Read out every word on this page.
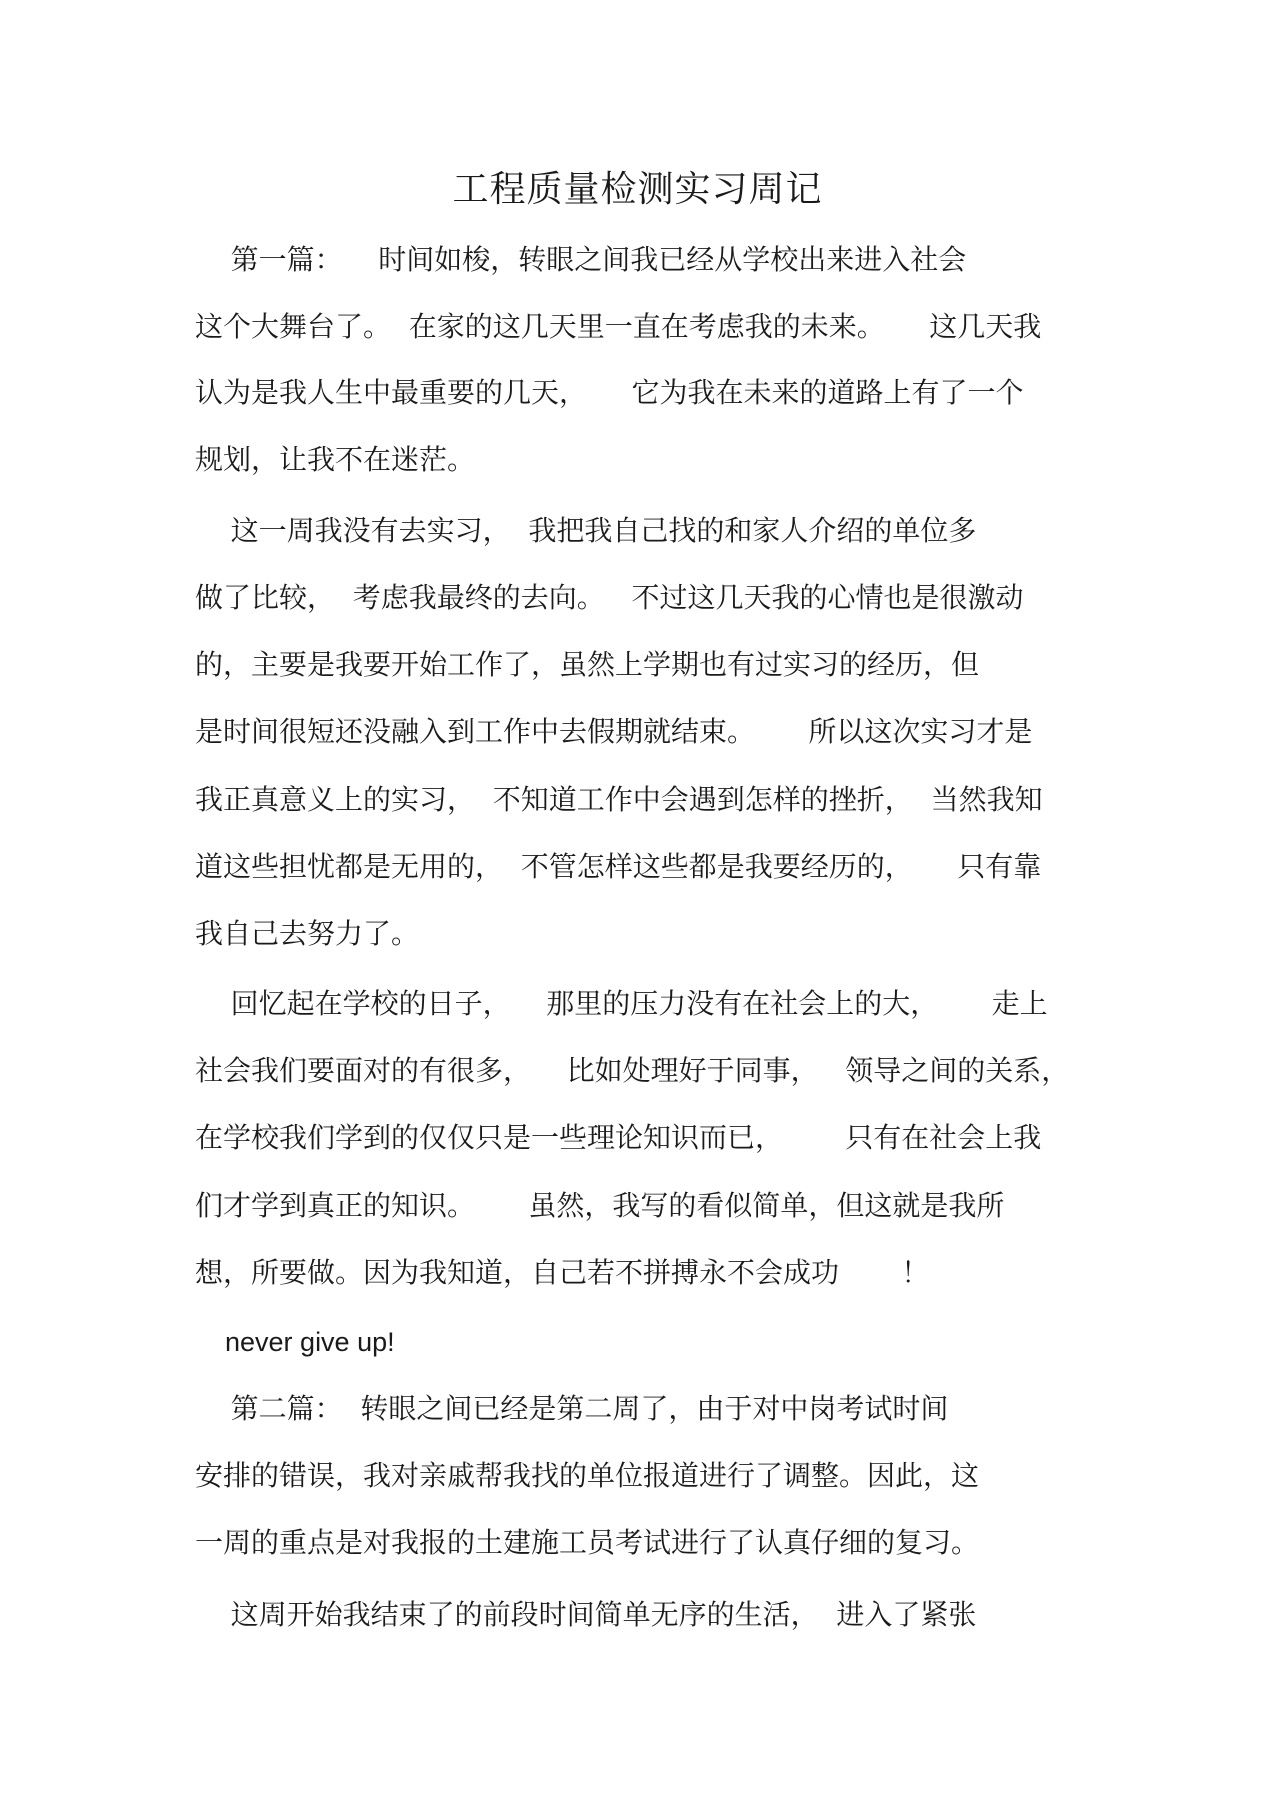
工程质量检测实习周记

第一篇：    时间如梭，转眼之间我已经从学校出来进入社会

这个大舞台了。  在家的这几天里一直在考虑我的未来。     这几天我

认为是我人生中最重要的几天，     它为我在未来的道路上有了一个

规划，让我不在迷茫。

这一周我没有去实习，  我把我自己找的和家人介绍的单位多

做了比较，  考虑我最终的去向。   不过这几天我的心情也是很激动

的，主要是我要开始工作了，虽然上学期也有过实习的经历，但

是时间很短还没融入到工作中去假期就结束。      所以这次实习才是

我正真意义上的实习，  不知道工作中会遇到怎样的挫折，  当然我知

道这些担忧都是无用的，  不管怎样这些都是我要经历的，     只有靠

我自己去努力了。

回忆起在学校的日子，    那里的压力没有在社会上的大，      走上

社会我们要面对的有很多，    比如处理好于同事，   领导之间的关系，

在学校我们学到的仅仅只是一些理论知识而已，       只有在社会上我

们才学到真正的知识。      虽然，我写的看似简单，但这就是我所

想，所要做。因为我知道，自己若不拼搏永不会成功       ！

never give up!

第二篇：  转眼之间已经是第二周了，由于对中岗考试时间

安排的错误，我对亲戚帮我找的单位报道进行了调整。因此，这

一周的重点是对我报的土建施工员考试进行了认真仔细的复习。

这周开始我结束了的前段时间简单无序的生活，  进入了紧张
